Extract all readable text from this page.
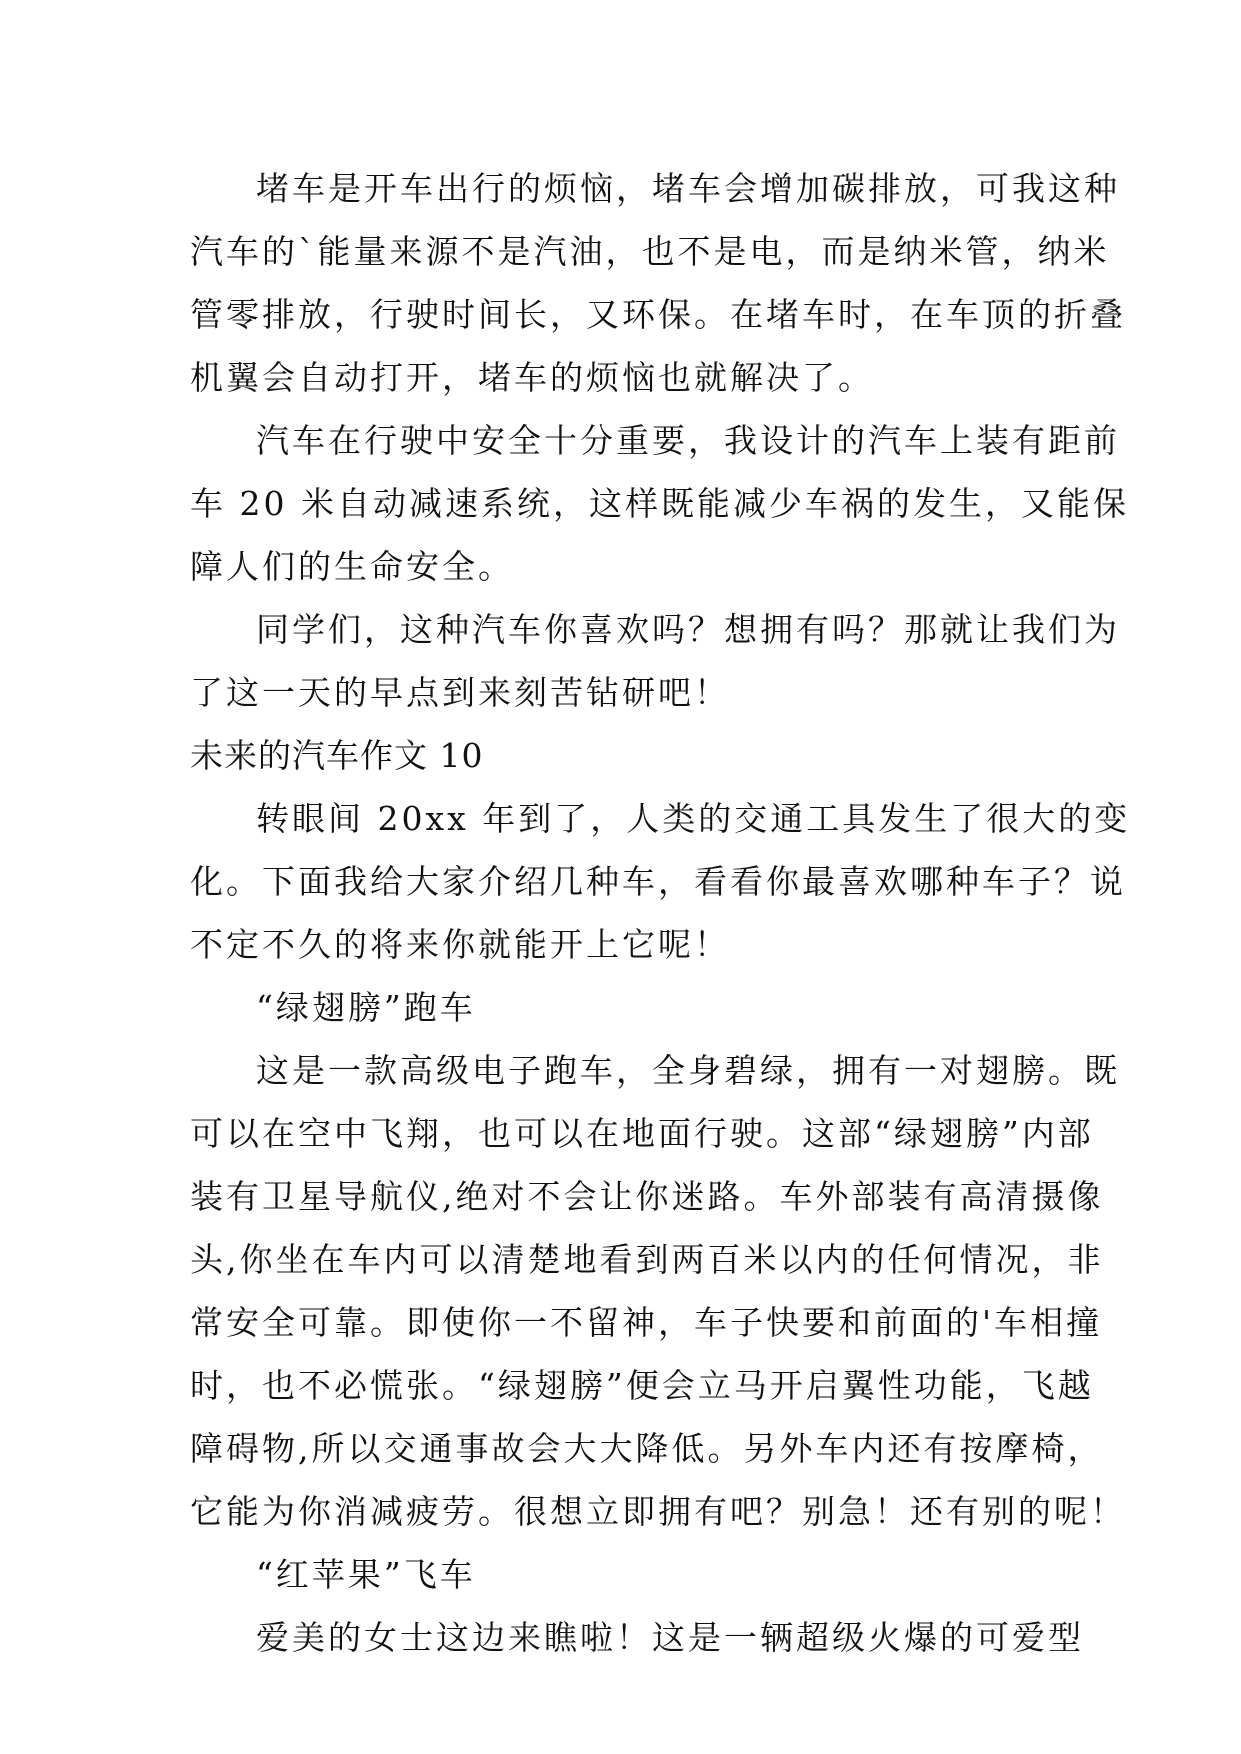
堵车是开车出行的烦恼，堵车会增加碳排放，可我这种
汽车的`能量来源不是汽油，也不是电，而是纳米管，纳米
管零排放，行驶时间长，又环保。在堵车时，在车顶的折叠
机翼会自动打开，堵车的烦恼也就解决了。
汽车在行驶中安全十分重要，我设计的汽车上装有距前
车 20 米自动减速系统，这样既能减少车祸的发生，又能保
障人们的生命安全。
同学们，这种汽车你喜欢吗？想拥有吗？那就让我们为
了这一天的早点到来刻苦钻研吧！
未来的汽车作文 10
转眼间 20xx 年到了，人类的交通工具发生了很大的变
化。下面我给大家介绍几种车，看看你最喜欢哪种车子？说
不定不久的将来你就能开上它呢！
“绿翅膀”跑车
这是一款高级电子跑车，全身碧绿，拥有一对翅膀。既
可以在空中飞翔，也可以在地面行驶。这部“绿翅膀”内部
装有卫星导航仪,绝对不会让你迷路。车外部装有高清摄像
头,你坐在车内可以清楚地看到两百米以内的任何情况，非
常安全可靠。即使你一不留神，车子快要和前面的'车相撞
时，也不必慌张。“绿翅膀”便会立马开启翼性功能，飞越
障碍物,所以交通事故会大大降低。另外车内还有按摩椅，
它能为你消减疲劳。很想立即拥有吧？别急！还有别的呢！
“红苹果”飞车
爱美的女士这边来瞧啦！这是一辆超级火爆的可爱型
